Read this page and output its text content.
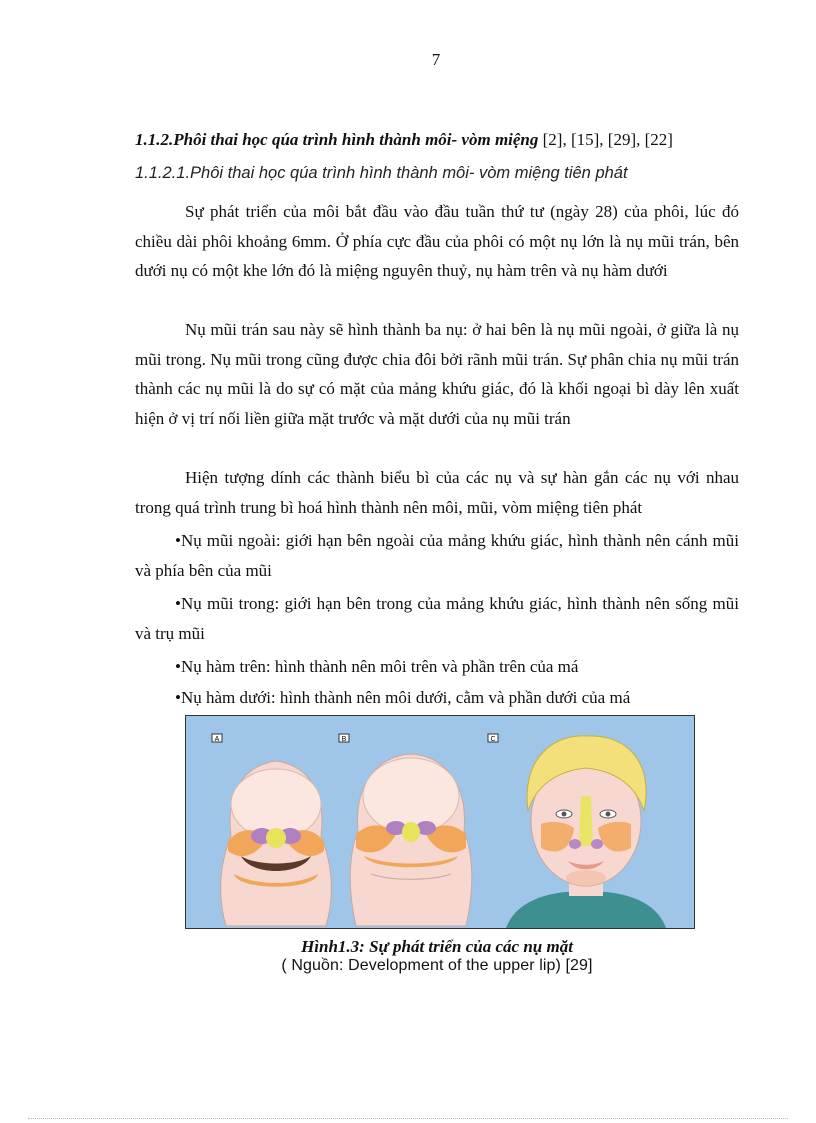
7
1.1.2.Phôi thai học qúa trình hình thành môi- vòm miệng [2], [15], [29], [22]
1.1.2.1.Phôi thai học qúa trình hình thành môi- vòm miệng tiên phát
Sự phát triển của môi bắt đầu vào đầu tuần thứ tư (ngày 28) của phôi, lúc đó chiều dài phôi khoảng 6mm. Ở phía cực đầu của phôi có một nụ lớn là nụ mũi trán, bên dưới nụ có một khe lớn đó là miệng nguyên thuỷ, nụ hàm trên và nụ hàm dưới
Nụ mũi trán sau này sẽ hình thành ba nụ: ở hai bên là nụ mũi ngoài, ở giữa là nụ mũi trong. Nụ mũi trong cũng được chia đôi bởi rãnh mũi trán. Sự phân chia nụ mũi trán thành các nụ mũi là do sự có mặt của mảng khứu giác, đó là khối ngoại bì dày lên xuất hiện ở vị trí nối liền giữa mặt trước và mặt dưới của nụ mũi trán
Hiện tượng dính các thành biểu bì của các nụ và sự hàn gắn các nụ với nhau trong quá trình trung bì hoá hình thành nên môi, mũi, vòm miệng tiên phát
•Nụ mũi ngoài: giới hạn bên ngoài của mảng khứu giác, hình thành nên cánh mũi và phía bên của mũi
•Nụ mũi trong: giới hạn bên trong của mảng khứu giác, hình thành nên sống mũi và trụ mũi
•Nụ hàm trên: hình thành nên môi trên và phần trên của má
•Nụ hàm dưới: hình thành nên môi dưới, cằm và phần dưới của má
A	B	C
Hình1.3: Sự phát triển của các nụ mặt
( Nguồn: Development of the upper lip) [29]
